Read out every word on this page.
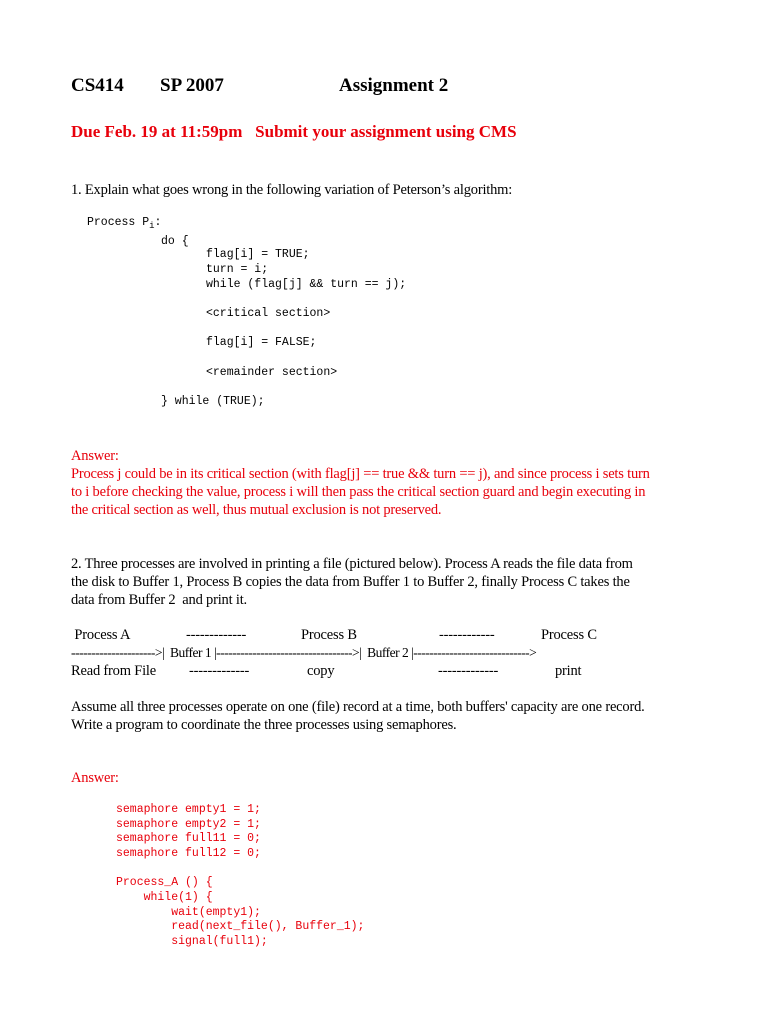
CS414 SP 2007	Assignment 2
Due Feb. 19 at 11:59pm   Submit your assignment using CMS
1. Explain what goes wrong in the following variation of Peterson’s algorithm:
Process $P_i$:
do {
flag[i] = TRUE;
turn = i;
while (flag[j] && turn == j);
<critical section>
flag[i] = FALSE;
<remainder section>
} while (TRUE);
Answer:
Process j could be in its critical section (with flag[j] == true && turn == j), and since process i sets turn
to i before checking the value, process i will then pass the critical section guard and begin executing in
the critical section as well, thus mutual exclusion is not preserved.
2. Three processes are involved in printing a file (pictured below). Process A reads the file data from
the disk to Buffer 1, Process B copies the data from Buffer 1 to Buffer 2, finally Process C takes the
data from Buffer 2  and print it.
Process A	-------------	Process B	------------	Process C
--------------------->|  Buffer 1 |---------------------------------->|  Buffer 2 |----------------------------->
Read from File -------------	copy	-------------	print
Assume all three processes operate on one (file) record at a time, both buffers' capacity are one record.
Write a program to coordinate the three processes using semaphores.
Answer:
semaphore empty1 = 1;
semaphore empty2 = 1;
semaphore full11 = 0;
semaphore full12 = 0;
Process_A () {
while(1) {
wait(empty1);
read(next_file(), Buffer_1);
signal(full1);
